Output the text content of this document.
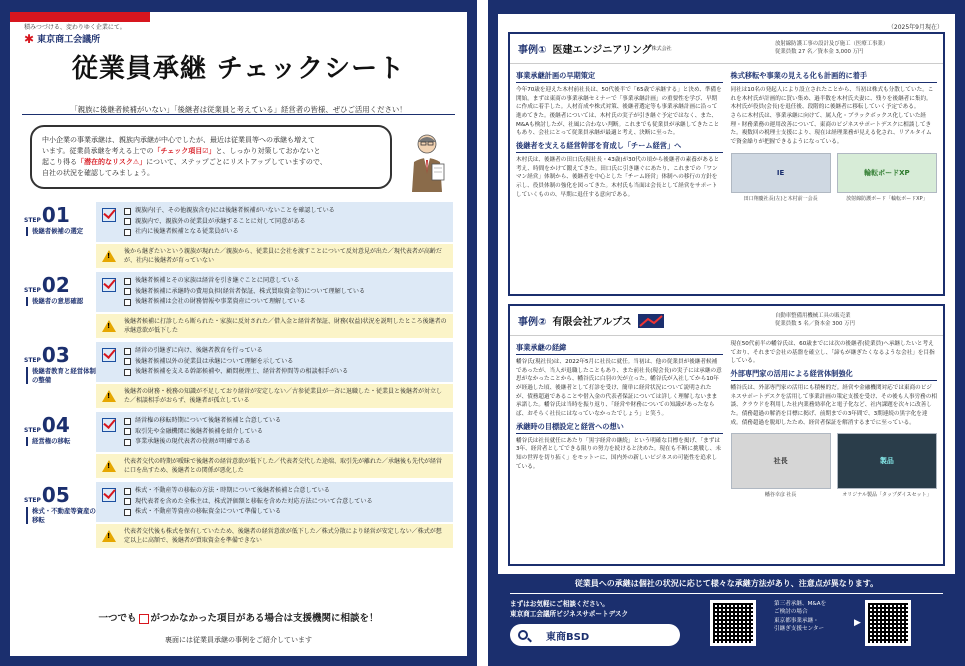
積みつづける、変わりゆく企業にて。
✱ 東京商工会議所
従業員承継 チェックシート
「親族に後継者候補がいない」「後継者は従業員と考えている」経営者の皆様、ぜひご活用ください！
中小企業の事業承継は、親族内承継が中心でしたが、最近は従業員等への承継も増えて
います。従業員承継を考える上での「チェック項目☑」と、しっかり対策しておかないと
起こり得る「潜在的なリスク⚠」について、ステップごとにリストアップしていますので、
自社の状況を確認してみましょう。
STEP 01
後継者候補の選定
親族内(子、その他親族含む)には後継者候補がいないことを確認している
親族内で、親族外の従業員が承継することに対して同意がある
社内に後継者候補となる従業員がいる
!
後から継ぎたいという親族が現れた／親族から、従業員に会社を渡すことについて反対意見が出た／現代表者が高齢だが、社内に後継者が育っていない
STEP 02
後継者の意思確認
後継者候補とその家族は経営を引き継ぐことに同意している
後継者候補に承継時の費用負担(経営者保証、株式買取資金等)について理解している
後継者候補は会社の財務情報や事業資産について理解している
!
後継者候補に打診したら断られた・家族に反対された／借入金と経営者保証、財務(収益)状況を説明したところ後継者の承継意欲が低下した
STEP 03
後継者教育と経営体制の整備
経営の引継ぎに向け、後継者教育を行っている
後継者候補以外の従業員は承継について理解を示している
後継者候補を支える幹部候補や、顧問税理士、経営者仲間等の相談相手がいる
!
後継者の財務・税務の知識が不足しており経営が安定しない／古参従業員が一斉に退職した・従業員と後継者が対立した／相談相手がおらず、後継者が孤立している
STEP 04
経営権の移転
経営権の移転時期について後継者候補と合意している
取引先や金融機関に後継者候補を紹介している
事業承継後の現代表者の役割が明確である
!
代表者交代の時期が曖昧で後継者の経営意欲が低下した／代表者交代した途端、取引先が離れた／承継後も先代が経営に口を出すため、後継者との関係が悪化した
STEP 05
株式・不動産等資産の移転
株式・不動産等の移転の方法・時期について後継者候補と合意している
現代表者を含めた全株主は、株式評価額と移転を含めた対応方法について合意している
株式・不動産等資産の移転資金について準備している
!
代表者交代後も株式を保有していたため、後継者の経営意欲が低下した／株式分散により経営が安定しない／株式が想定以上に高額で、後継者が買取資金を準備できない
一つでも がつかなかった項目がある場合は支援機関に相談を！
裏面には従業員承継の事例をご紹介しています
（2025年9月現在）
事例① 医建エンジニアリング 株式会社
放射線防護工事の設計及び施工（医療工事業）
従業員数 27 名／資本金 3,000 万円
事業承継計画の早期策定
今年70歳を迎えた木村前社長は、50代後半で「65歳で承継する」と決め、準備を開始。まずは東商の事業承継セミナーで「事業承継計画」の重要性を学び、早期に作成に着手した。人材育成や株式対策、後継者選定等も事業承継計画に沿って進めてきた。後継者については、木村氏の実子が引き継ぐ予定ではなく、また、M&Aも検討したが、社風に合わない判断。これまでも従業員が承継してきたこともあり、会社にとって従業員承継が最適と考え、決断に至った。
後継者を支える経営幹部を育成し「チーム経営」へ
木村氏は、後継者の田口氏(現社長・43歳)が30代の頃から後継者の素養があると考え、時間をかけて鍛えてきた。田口氏に引き継ぐにあたり、これまでの「ワンマン経営」体制から、後継者を中心とした「チーム経営」体制への移行の方針を示し、役員体制の強化を図ってきた。木村氏も当面は会長として経営をサポートしていくものの、早期に退任する意向である。
株式移転や事業の見える化も計画的に着手
同社は10名の発起人により設立されたことから、当初は株式も分散していた。これを木村氏が計画的に買い集め、過半数を木村氏夫妻に、残りを後継者に集約。木村氏が役員(会長)を退任後、段階的に後継者に移転していく予定である。
さらに木村氏は、事業承継に向けて、属人化・ブラックボックス化していた経理・財務業務の運用改善について、東商のビジネスサポートデスクに相談してきた。複数回の税理士支援により、現在は経理業務が見える化され、リアルタイムで資金繰りが把握できるようになっている。
IE
田口翔慶社長(左)と木村前一会長
輪転ボードXP
放射線防護ボード「輪転ボードXP」
事例② 有限会社アルプス
自動車整備用機械工具の販売業
従業員数 5 名／資本金 300 万円
事業承継の経緯
幡谷氏(現社長)は、2022年5月に社長に就任。当初は、他の従業員が後継者候補であったが、当人が退職したこともあり、また前社長(現会長)の実子には承継の意思がなかったことから、幡谷氏に白羽の矢が立った。幡谷氏が入社してから10年が経過した頃、後継者として打診を受け、簡単に経営状況について説明されたが、債務超過であることや借入金の代表者保証については詳しく理解しないまま承諾した。幡谷氏は当時を振り返り、「経営や財務についての知識があったならば、おそらく社長にはなっていなかったでしょう」と笑う。
承継時の目標設定と経営への想い
幡谷氏は社長就任にあたり「黒字経営の継続」という明確な目標を掲げ、「まずは3年、経営者としてできる限りの努力を続けると決めた。現在も不断に挑戦し、未知の世界を切り拓く」をモットーに、国内外の新しいビジネスの可能性を追求している。
現在50代前半の幡谷氏は、60歳までには次の後継者(従業員)へ承継したいと考えており、それまで会社の基盤を確立し、「諦もが継ぎたくなるような会社」を目指している。
外部専門家の活用による経営体制強化
幡谷氏は、外部専門家の活用にも積極的だ。経営や金融機関対応では東商のビジネスサポートデスクを活用して事業計画の策定支援を受け、その後も人事労務の相談、クラウドを利用した社内業務効率化と電子化など、社内課題を次々に改善した。債務超過の解消を目標に掲げ、前期までの3年間で、3期連続の黒字化を達成。債務超過を脱却したため、経営者保証を解消するまでに至っている。
社長
幡谷幸彦 社長
製品
オリジナル製品「タップダイスセット」
従業員への承継は個社の状況に応じて様々な承継方法があり、注意点が異なります。
まずはお気軽にご相談ください。
東京商工会議所ビジネスサポートデスク
東商BSD
第三者承継、M&Aを
ご検討の場合
東京都事業承継・
引継ぎ支援センター
▶
